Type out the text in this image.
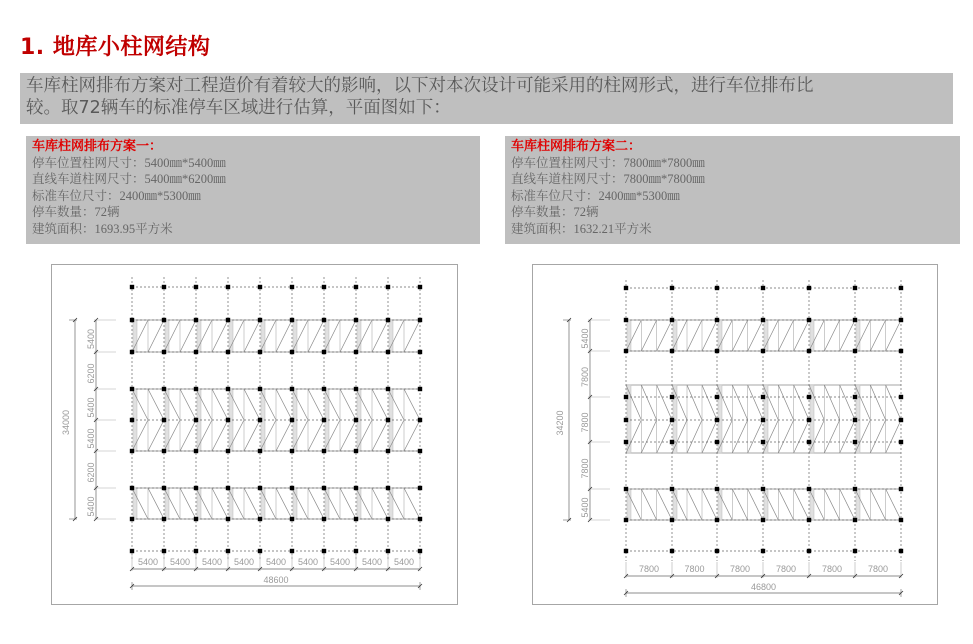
1. 地库小柱网结构
车库柱网排布方案对工程造价有着较大的影响，以下对本次设计可能采用的柱网形式，进行车位排布比
较。取72辆车的标准停车区域进行估算，平面图如下：
车库柱网排布方案一：
停车位置柱网尺寸：5400㎜*5400㎜
直线车道柱网尺寸：5400㎜*6200㎜
标准车位尺寸：2400㎜*5300㎜
停车数量：72辆
建筑面积：1693.95平方米
车库柱网排布方案二：
停车位置柱网尺寸：7800㎜*7800㎜
直线车道柱网尺寸：7800㎜*7800㎜
标准车位尺寸：2400㎜*5300㎜
停车数量：72辆
建筑面积：1632.21平方米
5400
6200
5400
5400
6200
5400
34000
5400 5400 5400 5400 5400 5400 5400 5400 5400
48600
5400
7800
7800
7800
5400
34200
7800	7800	7800	7800	7800	7800
46800
